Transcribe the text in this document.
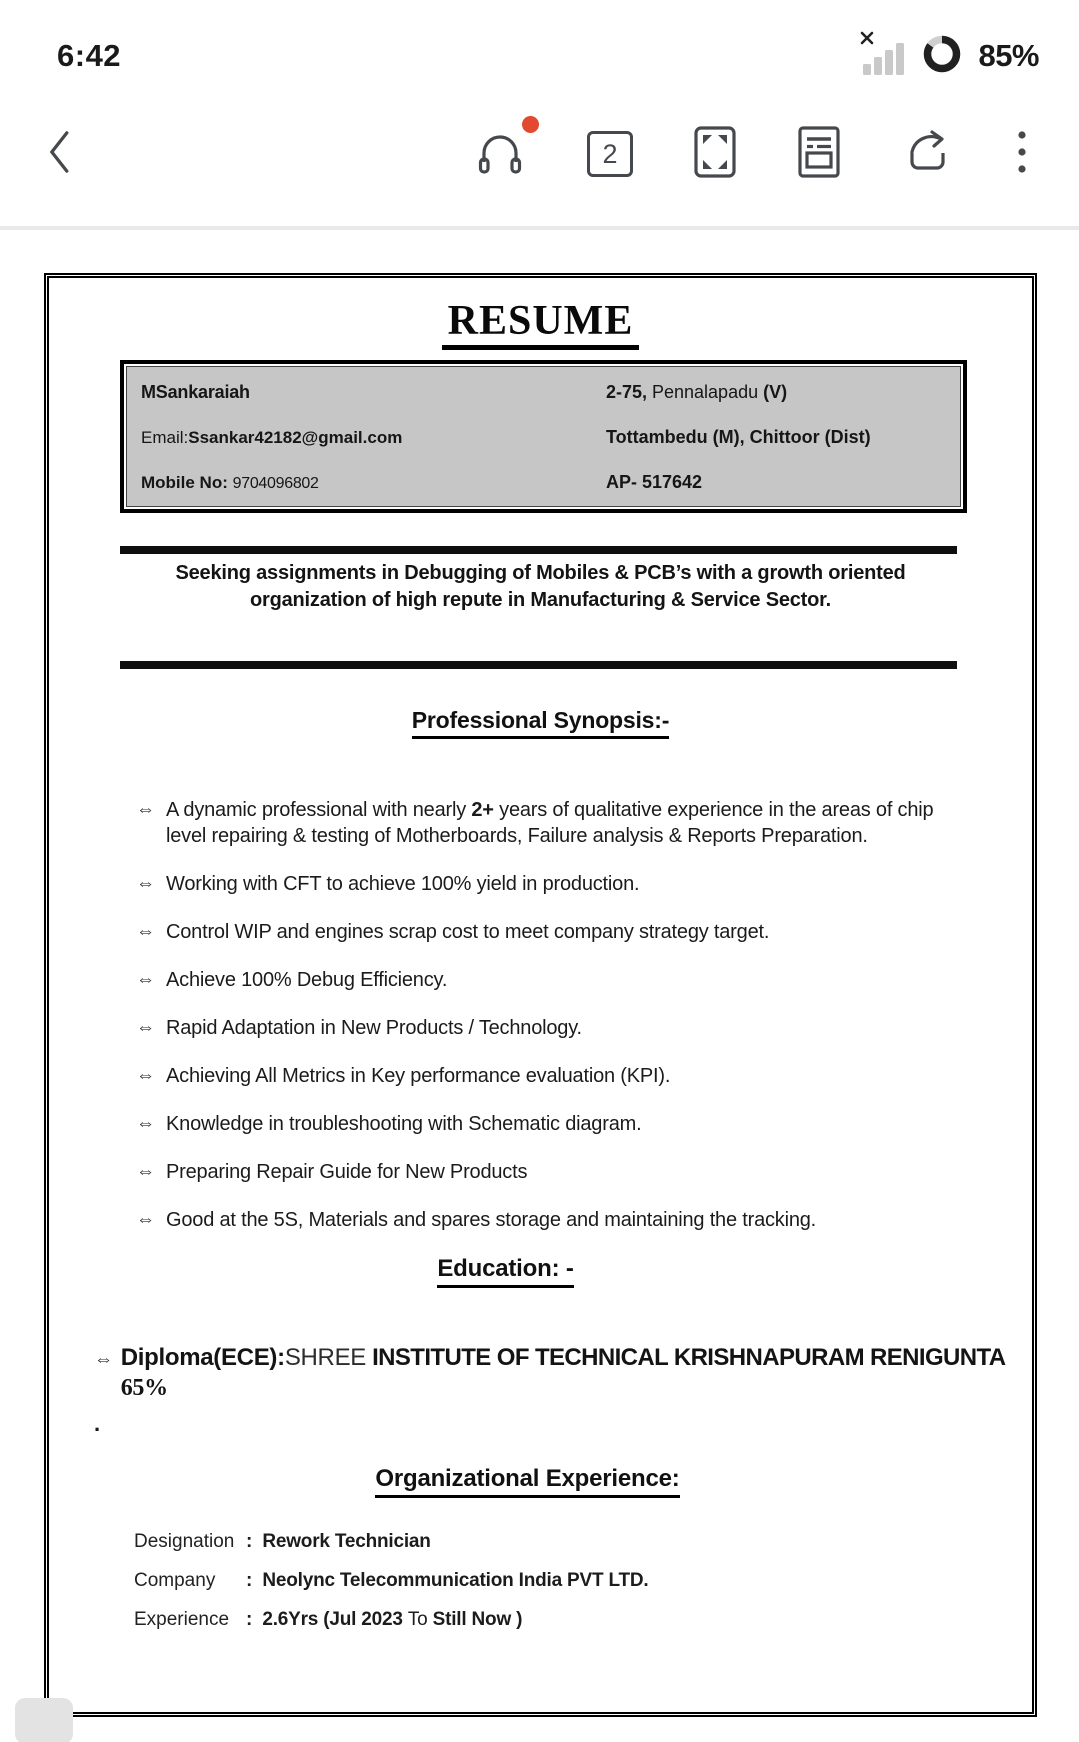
6:42	85%
2
RESUME
MSankaraiah	2-75, Pennalapadu (V)
Email:Ssankar42182@gmail.com	Tottambedu (M), Chittoor (Dist)
Mobile No: 9704096802	AP- 517642
Seeking assignments in Debugging of Mobiles & PCB’s with a growth oriented
organization of high repute in Manufacturing & Service Sector.
Professional Synopsis:-
⇔ A dynamic professional with nearly 2+ years of qualitative experience in the areas of chip level repairing & testing of Motherboards, Failure analysis & Reports Preparation.
⇔ Working with CFT to achieve 100% yield in production.
⇔ Control WIP and engines scrap cost to meet company strategy target.
⇔ Achieve 100% Debug Efficiency.
⇔ Rapid Adaptation in New Products / Technology.
⇔ Achieving All Metrics in Key performance evaluation (KPI).
⇔ Knowledge in troubleshooting with Schematic diagram.
⇔ Preparing Repair Guide for New Products
⇔ Good at the 5S, Materials and spares storage and maintaining the tracking.
Education: -
⇔ Diploma(ECE):SHREE INSTITUTE OF TECHNICAL KRISHNAPURAM RENIGUNTA 65%
.
Organizational Experience:
Designation : Rework Technician
Company	: Neolync Telecommunication India PVT LTD.
Experience : 2.6Yrs (Jul 2023 To Still Now )
